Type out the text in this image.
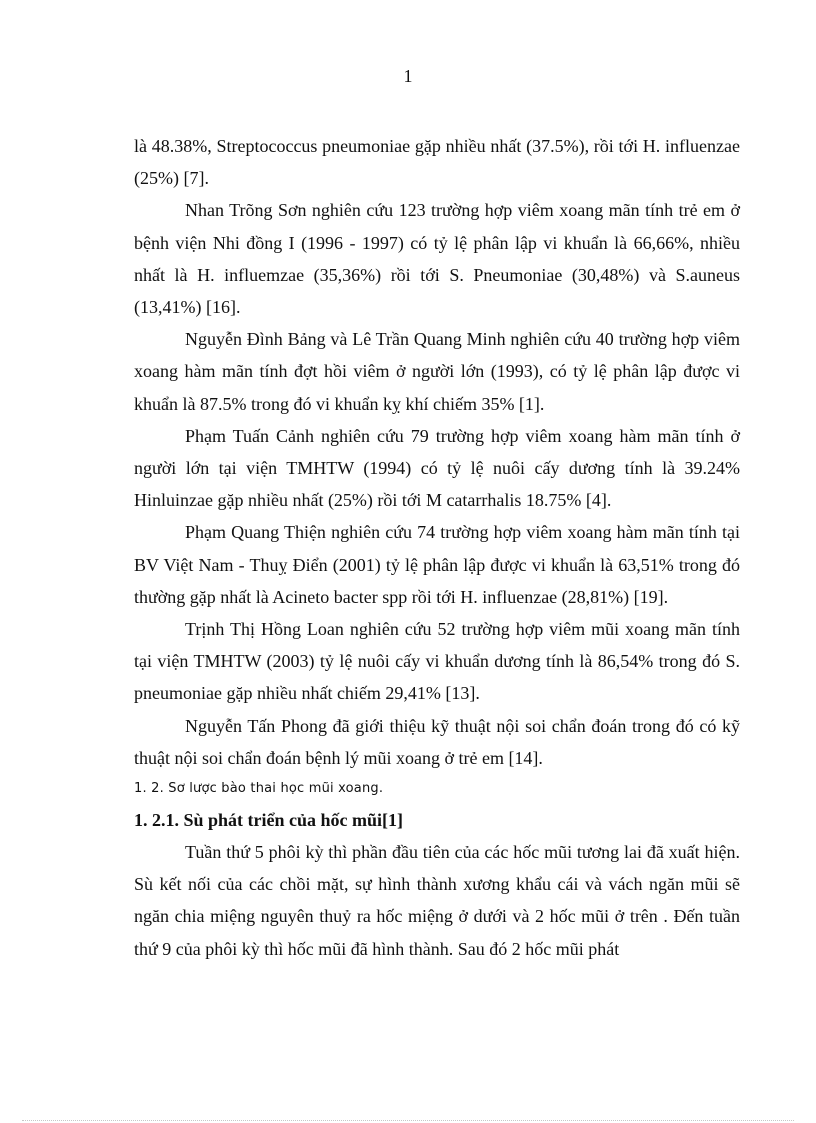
1

là 48.38%, Streptococcus pneumoniae gặp nhiều nhất (37.5%), rồi tới H. influenzae (25%) [7].

Nhan Trõng Sơn nghiên cứu 123 trường hợp viêm xoang mãn tính trẻ em ở bệnh viện Nhi đồng I (1996 - 1997) có tỷ lệ phân lập vi khuẩn là 66,66%, nhiều nhất là H. influemzae (35,36%) rồi tới S. Pneumoniae (30,48%) và S.auneus (13,41%) [16].

Nguyễn Đình Bảng và Lê Trần Quang Minh nghiên cứu 40 trường hợp viêm xoang hàm mãn tính đợt hồi viêm ở người lớn (1993), có tỷ lệ phân lập được vi khuẩn là 87.5% trong đó vi khuẩn kỵ khí chiếm 35% [1].

Phạm Tuấn Cảnh nghiên cứu 79 trường hợp viêm xoang hàm mãn tính ở người lớn tại viện TMHTW (1994) có tỷ lệ nuôi cấy dương tính là 39.24% Hinluinzae gặp nhiều nhất (25%) rồi tới M catarrhalis 18.75% [4].

Phạm Quang Thiện nghiên cứu 74 trường hợp viêm xoang hàm mãn tính tại BV Việt Nam - Thuỵ Điển (2001) tỷ lệ phân lập được vi khuẩn là 63,51% trong đó thường gặp nhất là Acineto bacter spp rồi tới H. influenzae (28,81%) [19].

Trịnh Thị Hồng Loan nghiên cứu 52 trường hợp viêm mũi xoang mãn tính tại viện TMHTW (2003) tỷ lệ nuôi cấy vi khuẩn dương tính là 86,54% trong đó S. pneumoniae gặp nhiều nhất chiếm 29,41% [13].

Nguyễn Tấn Phong đã giới thiệu kỹ thuật nội soi chẩn đoán trong đó có kỹ thuật nội soi chẩn đoán bệnh lý mũi xoang ở trẻ em [14].

1. 2. Sơ lược bào thai học mũi xoang.

1. 2.1. Sù phát triển của hốc mũi[1]

Tuần thứ 5 phôi kỳ thì phần đầu tiên của các hốc mũi tương lai đã xuất hiện. Sù kết nối của các chồi mặt, sự hình thành xương khẩu cái và vách ngăn mũi sẽ ngăn chia miệng nguyên thuỷ ra hốc miệng ở dưới và 2 hốc mũi ở trên . Đến tuần thứ 9 của phôi kỳ thì hốc mũi đã hình thành. Sau đó 2 hốc mũi phát
